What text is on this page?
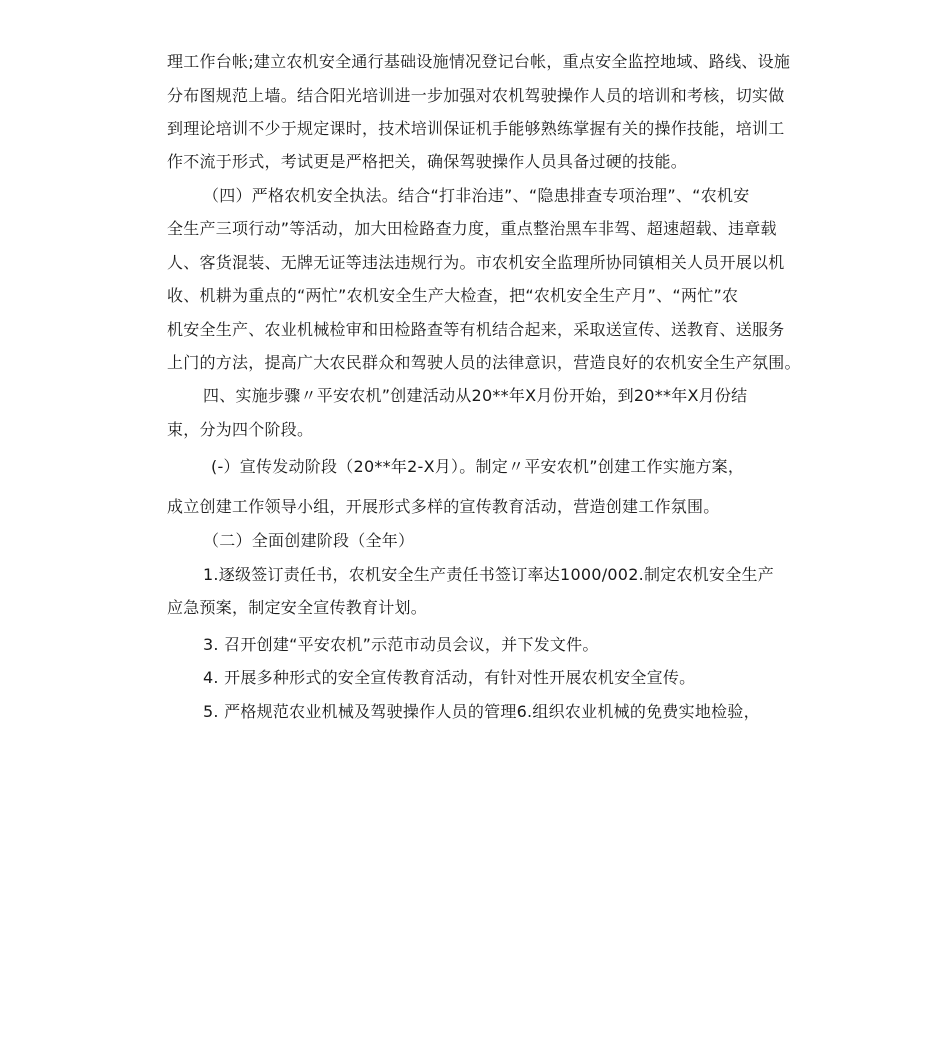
理工作台帐;建立农机安全通行基础设施情况登记台帐，重点安全监控地域、路线、设施
分布图规范上墙。结合阳光培训进一步加强对农机驾驶操作人员的培训和考核，切实做
到理论培训不少于规定课时，技术培训保证机手能够熟练掌握有关的操作技能，培训工
作不流于形式，考试更是严格把关，确保驾驶操作人员具备过硬的技能。
（四）严格农机安全执法。结合“打非治违”、“隐患排查专项治理”、“农机安
全生产三项行动”等活动，加大田检路查力度，重点整治黑车非驾、超速超载、违章载
人、客货混装、无牌无证等违法违规行为。市农机安全监理所协同镇相关人员开展以机
收、机耕为重点的“两忙”农机安全生产大检查，把“农机安全生产月”、“两忙”农
机安全生产、农业机械检审和田检路查等有机结合起来，采取送宣传、送教育、送服务
上门的方法，提高广大农民群众和驾驶人员的法律意识，营造良好的农机安全生产氛围。
四、实施步骤〃平安农机”创建活动从20**年X月份开始，到20**年X月份结
束，分为四个阶段。
(-）宣传发动阶段（20**年2-X月）。制定〃平安农机”创建工作实施方案，
成立创建工作领导小组，开展形式多样的宣传教育活动，营造创建工作氛围。
（二）全面创建阶段（全年）
1.逐级签订责任书，农机安全生产责任书签订率达1000/002.制定农机安全生产
应急预案，制定安全宣传教育计划。
3. 召开创建“平安农机”示范市动员会议，并下发文件。
4. 开展多种形式的安全宣传教育活动，有针对性开展农机安全宣传。
5. 严格规范农业机械及驾驶操作人员的管理6.组织农业机械的免费实地检验，
